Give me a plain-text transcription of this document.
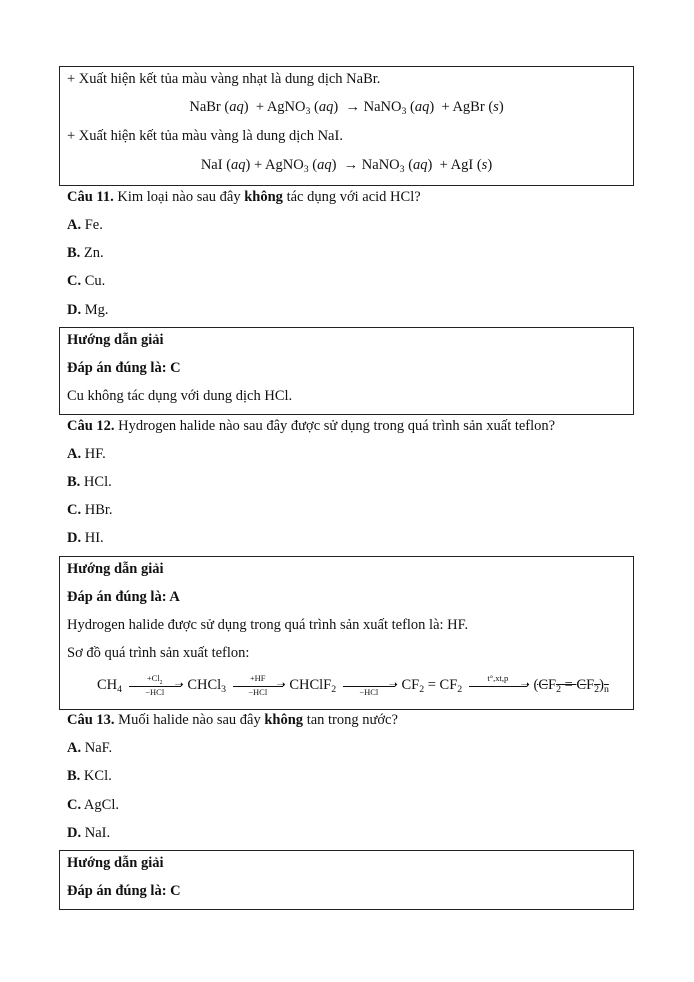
+ Xuất hiện kết tủa màu vàng nhạt là dung dịch NaBr.
NaBr (aq)  + AgNO$_3$ (aq)  → NaNO$_3$ (aq)  + AgBr (s)
+ Xuất hiện kết tủa màu vàng là dung dịch NaI.
NaI (aq) + AgNO$_3$ (aq)  → NaNO$_3$ (aq)  + AgI (s)
Câu 11. Kim loại nào sau đây không tác dụng với acid HCl?
A. Fe.
B. Zn.
C. Cu.
D. Mg.
Hướng dẫn giải
Đáp án đúng là: C
Cu không tác dụng với dung dịch HCl.
Câu 12. Hydrogen halide nào sau đây được sử dụng trong quá trình sản xuất teflon?
A. HF.
B. HCl.
C. HBr.
D. HI.
Hướng dẫn giải
Đáp án đúng là: A
Hydrogen halide được sử dụng trong quá trình sản xuất teflon là: HF.
Sơ đồ quá trình sản xuất teflon:
$CH_4$
$+Cl_2$	➝
−HCl	CHCl$_3$
+HF
➝
−HCl	CHClF$_2$	➝
−HCl	$CF_2 = CF_2$
t°,xt,p
➝ $(CF_2 = CF_2)_n$
Câu 13. Muối halide nào sau đây không tan trong nước?
A. NaF.
B. KCl.
C. AgCl.
D. NaI.
Hướng dẫn giải
Đáp án đúng là: C
